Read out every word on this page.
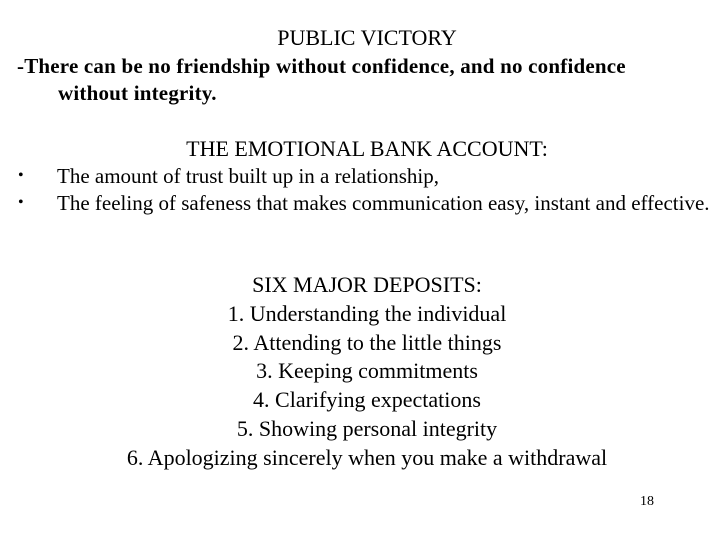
PUBLIC VICTORY
-There can be no friendship without confidence, and no confidence
without integrity.
THE EMOTIONAL BANK ACCOUNT:
• The amount of trust built up in a relationship,
• The feeling of safeness that makes communication easy, instant and effective.
SIX MAJOR DEPOSITS:
1. Understanding the individual
2. Attending to the little things
3. Keeping commitments
4. Clarifying expectations
5. Showing personal integrity
6. Apologizing sincerely when you make a withdrawal
18
